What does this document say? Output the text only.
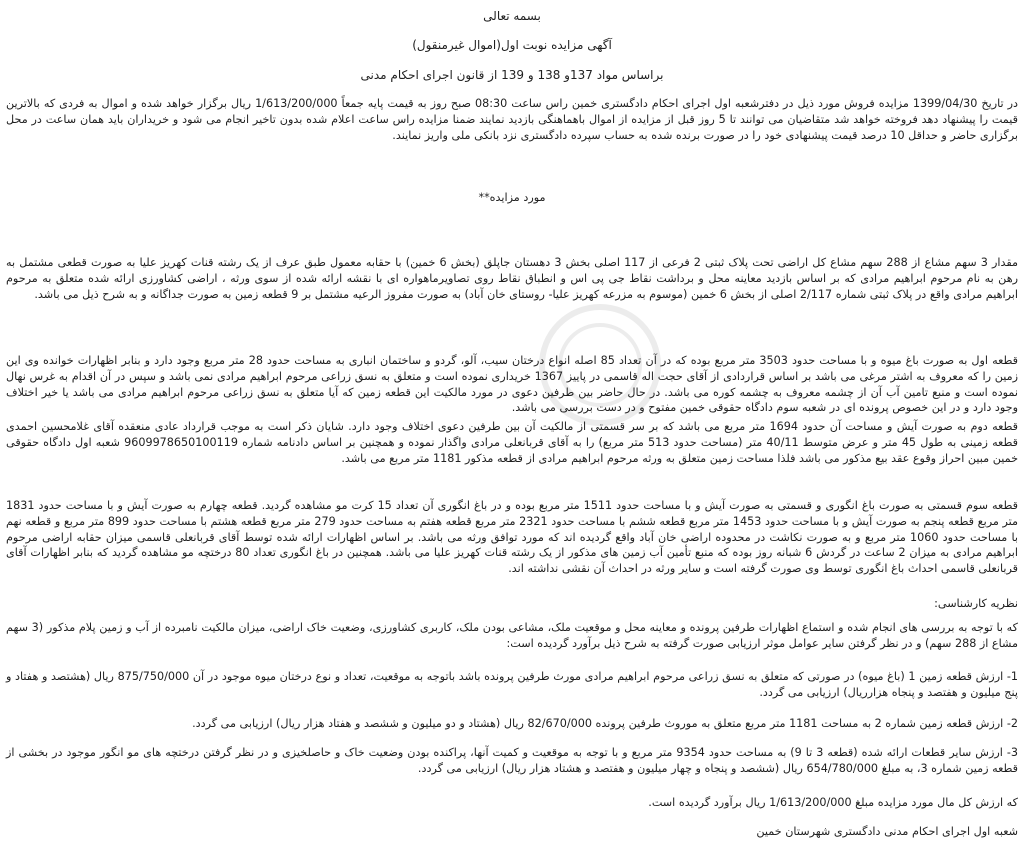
بسمه تعالی
آگهی مزایده نوبت اول(اموال غیرمنقول)
براساس مواد 137و 138 و 139 از قانون اجرای احکام مدنی
در تاریخ 1399/04/30 مزایده فروش مورد ذیل در دفترشعبه اول اجرای احکام دادگستری خمین راس ساعت 08:30 صبح روز به قیمت پایه جمعاً 1/613/200/000 ریال برگزار خواهد شده و اموال به فردی که بالاترین قیمت را پیشنهاد دهد فروخته خواهد شد متقاضیان می توانند تا 5 روز قبل از مزایده از اموال باهماهنگی بازدید نمایند ضمنا مزایده راس ساعت اعلام شده بدون تاخیر انجام می شود و خریداران باید همان ساعت در محل برگزاری حاضر و حداقل 10 درصد قیمت پیشنهادی خود را در صورت برنده شده به حساب سپرده دادگستری نزد بانکی ملی واریز نمایند.
مورد مزایده**
مقدار 3 سهم مشاع از 288 سهم مشاع کل اراضی تحت پلاک ثبتی 2 فرعی از 117 اصلی بخش 3 دهستان جاپلق (بخش 6 خمین) با حقابه معمول طبق عرف از یک رشته قنات کهریز علیا به صورت قطعی مشتمل به رهن به نام مرحوم ابراهیم مرادی که بر اساس بازدید معاینه محل و برداشت نقاط جی پی اس و انطباق نقاط روی تصاویرماهواره ای با نقشه ارائه شده از سوی ورثه ، اراضی کشاورزی ارائه شده متعلق به مرحوم ابراهیم مرادی واقع در پلاک ثبتی شماره 2/117 اصلی از بخش 6 خمین (موسوم به مزرعه کهریز علیا- روستای خان آباد) به صورت مفروز الرعیه مشتمل بر 9 قطعه زمین به صورت جداگانه و به شرح ذیل می باشد.
قطعه اول به صورت باغ میوه و با مساحت حدود 3503 متر مربع بوده که در آن تعداد 85 اصله انواع درختان سیب، آلو، گردو و ساختمان انباری به مساحت حدود 28 متر مربع وجود دارد و بنابر اظهارات خوانده وی این زمین را که معروف به اشتر مرغی می باشد بر اساس قراردادی از آقای حجت اله قاسمی در پاییز 1367 خریداری نموده است و متعلق به نسق زراعی مرحوم ابراهیم مرادی نمی باشد و سپس در آن اقدام به غرس نهال نموده است و منبع تامین آب آن از چشمه معروف به چشمه کوره می باشد. در حال حاضر بین طرفین دعوی در مورد مالکیت این قطعه زمین که آیا متعلق به نسق زراعی مرحوم ابراهیم مرادی می باشد یا خیر اختلاف وجود دارد و در این خصوص پرونده ای در شعبه سوم دادگاه حقوقی خمین مفتوح و در دست بررسی می باشد.
قطعه دوم به صورت آیش و مساحت آن حدود 1694 متر مربع می باشد که بر سر قسمتی از مالکیت آن بین طرفین دعوی اختلاف وجود دارد. شایان ذکر است به موجب قرارداد عادی منعقده آقای غلامحسین احمدی قطعه زمینی به طول 45 متر و عرض متوسط 40/11 متر (مساحت حدود 513 متر مربع) را به آقای قربانعلی مرادی واگذار نموده و همچنین بر اساس دادنامه شماره 9609978650100119 شعبه اول دادگاه حقوقی خمین مبین احراز وقوع عقد بیع مذکور می باشد فلذا مساحت زمین متعلق به ورثه مرحوم ابراهیم مرادی از قطعه مذکور 1181 متر مربع می باشد.
قطعه سوم قسمتی به صورت باغ انگوری و قسمتی به صورت آیش و با مساحت حدود 1511 متر مربع بوده و در باغ انگوری آن تعداد 15 کرت مو مشاهده گردید. قطعه چهارم به صورت آیش و با مساحت حدود 1831 متر مربع قطعه پنجم به صورت آیش و با مساحت حدود 1453 متر مربع قطعه ششم با مساحت حدود 2321 متر مربع قطعه هفتم به مساحت حدود 279 متر مربع قطعه هشتم با مساحت حدود 899 متر مربع و قطعه نهم با مساحت حدود 1060 متر مربع و به صورت نکاشت در محدوده اراضی خان آباد واقع گردیده اند که مورد توافق ورثه می باشد. بر اساس اظهارات ارائه شده توسط آقای قربانعلی قاسمی میزان حقابه اراضی مرحوم ابراهیم مرادی به میزان 2 ساعت در گردش 6 شبانه روز بوده که منبع تأمین آب زمین های مذکور از یک رشته قنات کهریز علیا می باشد. همچنین در باغ انگوری تعداد 80 درختچه مو مشاهده گردید که بنابر اظهارات آقای قربانعلی قاسمی احداث باغ انگوری توسط وی صورت گرفته است و سایر ورثه در احداث آن نقشی نداشته اند.
نظریه کارشناسی:
که با توجه به بررسی های انجام شده و استماع اظهارات طرفین پرونده و معاینه محل و موقعیت ملک، مشاعی بودن ملک، کاربری کشاورزی، وضعیت خاک اراضی، میزان مالکیت نامبرده از آب و زمین پلام مذکور (3 سهم مشاع از 288 سهم) و در نظر گرفتن سایر عوامل موثر ارزیابی صورت گرفته به شرح ذیل برآورد گردیده است:
1- ارزش قطعه زمین 1 (باغ میوه) در صورتی که متعلق به نسق زراعی مرحوم ابراهیم مرادی مورث طرفین پرونده باشد باتوجه به موقعیت، تعداد و نوع درختان میوه موجود در آن 875/750/000 ریال (هشتصد و هفتاد و پنج میلیون و هفتصد و پنجاه هزارریال) ارزیابی می گردد.
2- ارزش قطعه زمین شماره 2 به مساحت 1181 متر مربع متعلق به موروث طرفین پرونده 82/670/000 ریال (هشتاد و دو میلیون و ششصد و هفتاد هزار ریال) ارزیابی می گردد.
3- ارزش سایر قطعات ارائه شده (قطعه 3 تا 9) به مساحت حدود 9354 متر مربع و با توجه به موقعیت و کمیت آنها، پراکنده بودن وضعیت خاک و حاصلخیزی و در نظر گرفتن درختچه های مو انگور موجود در بخشی از قطعه زمین شماره 3، به مبلغ 654/780/000 ریال (ششصد و پنجاه و چهار میلیون و هفتصد و هشتاد هزار ریال) ارزیابی می گردد.
که ارزش کل مال مورد مزایده مبلغ 1/613/200/000 ریال برآورد گردیده است.
شعبه اول اجرای احکام مدنی دادگستری شهرستان خمین
